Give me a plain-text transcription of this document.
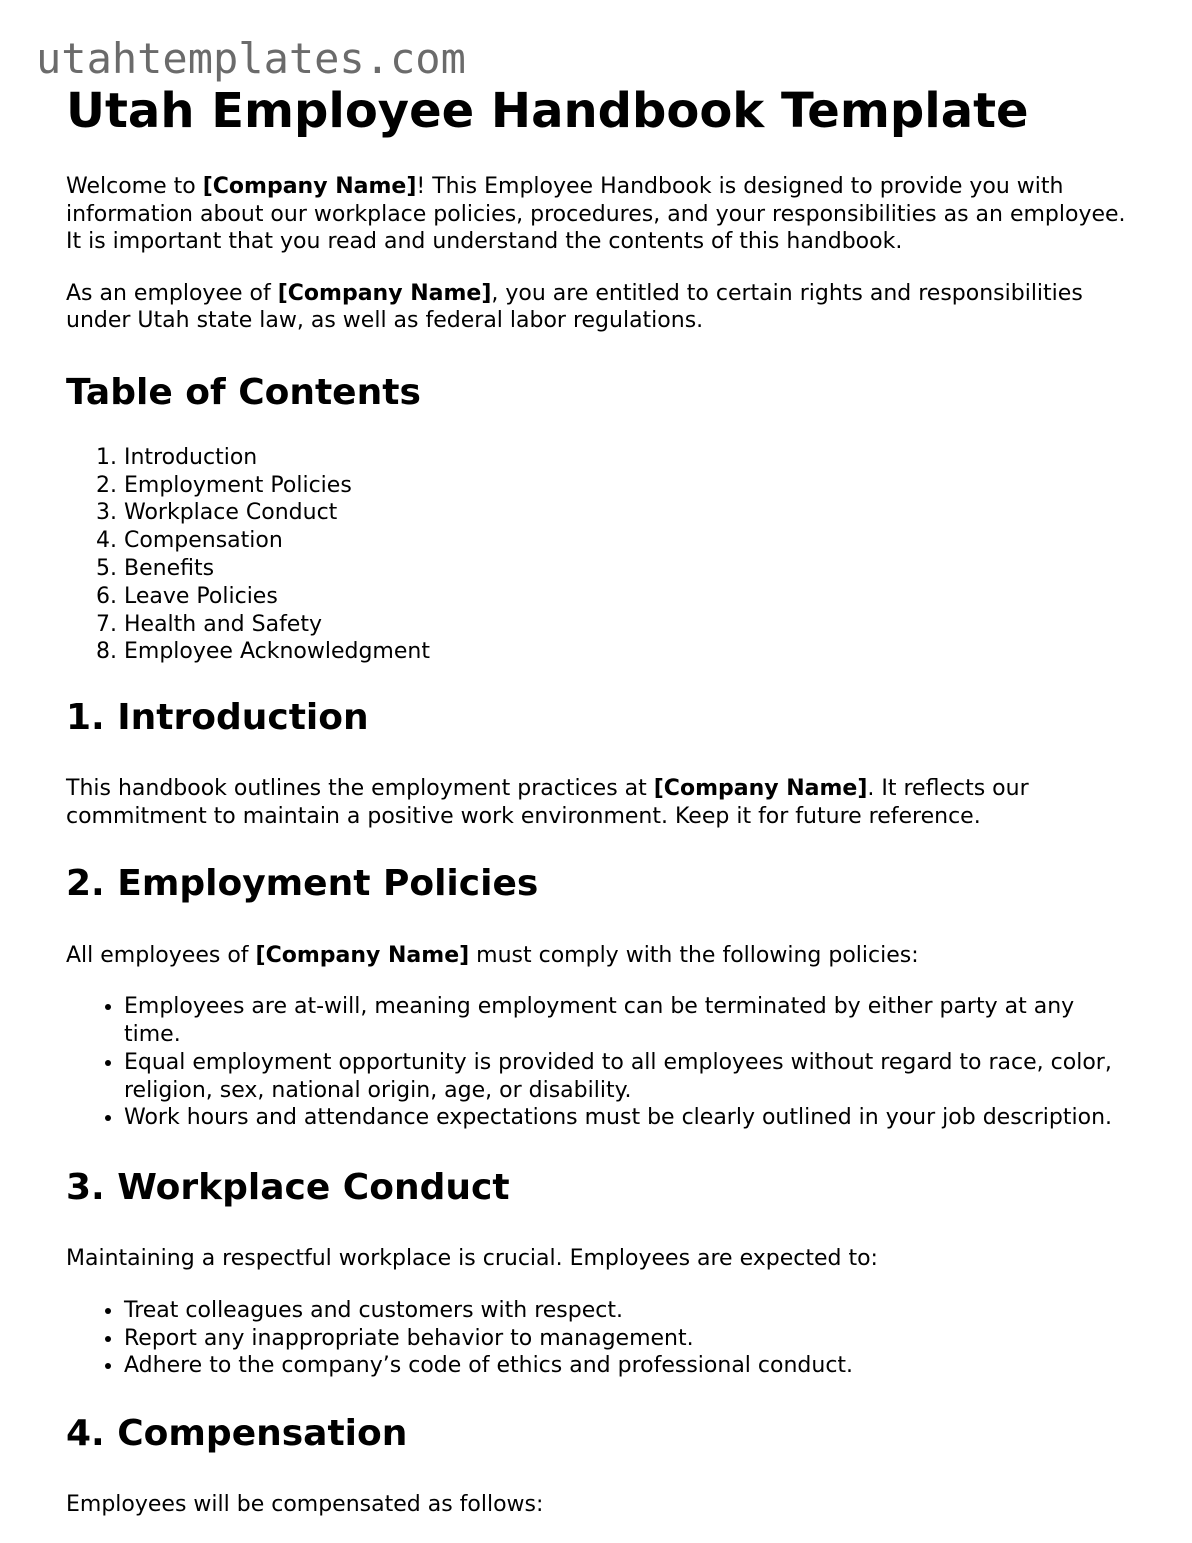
utahtemplates.com
Utah Employee Handbook Template

Welcome to [Company Name]! This Employee Handbook is designed to provide you with information about our workplace policies, procedures, and your responsibilities as an employee. It is important that you read and understand the contents of this handbook.

As an employee of [Company Name], you are entitled to certain rights and responsibilities under Utah state law, as well as federal labor regulations.

Table of Contents
1. Introduction
2. Employment Policies
3. Workplace Conduct
4. Compensation
5. Benefits
6. Leave Policies
7. Health and Safety
8. Employee Acknowledgment
1. Introduction

This handbook outlines the employment practices at [Company Name]. It reflects our commitment to maintain a positive work environment. Keep it for future reference.

2. Employment Policies

All employees of [Company Name] must comply with the following policies:

• Employees are at-will, meaning employment can be terminated by either party at any time.
• Equal employment opportunity is provided to all employees without regard to race, color, religion, sex, national origin, age, or disability.
• Work hours and attendance expectations must be clearly outlined in your job description.
3. Workplace Conduct

Maintaining a respectful workplace is crucial. Employees are expected to:

• Treat colleagues and customers with respect.
• Report any inappropriate behavior to management.
• Adhere to the company’s code of ethics and professional conduct.
4. Compensation

Employees will be compensated as follows:
